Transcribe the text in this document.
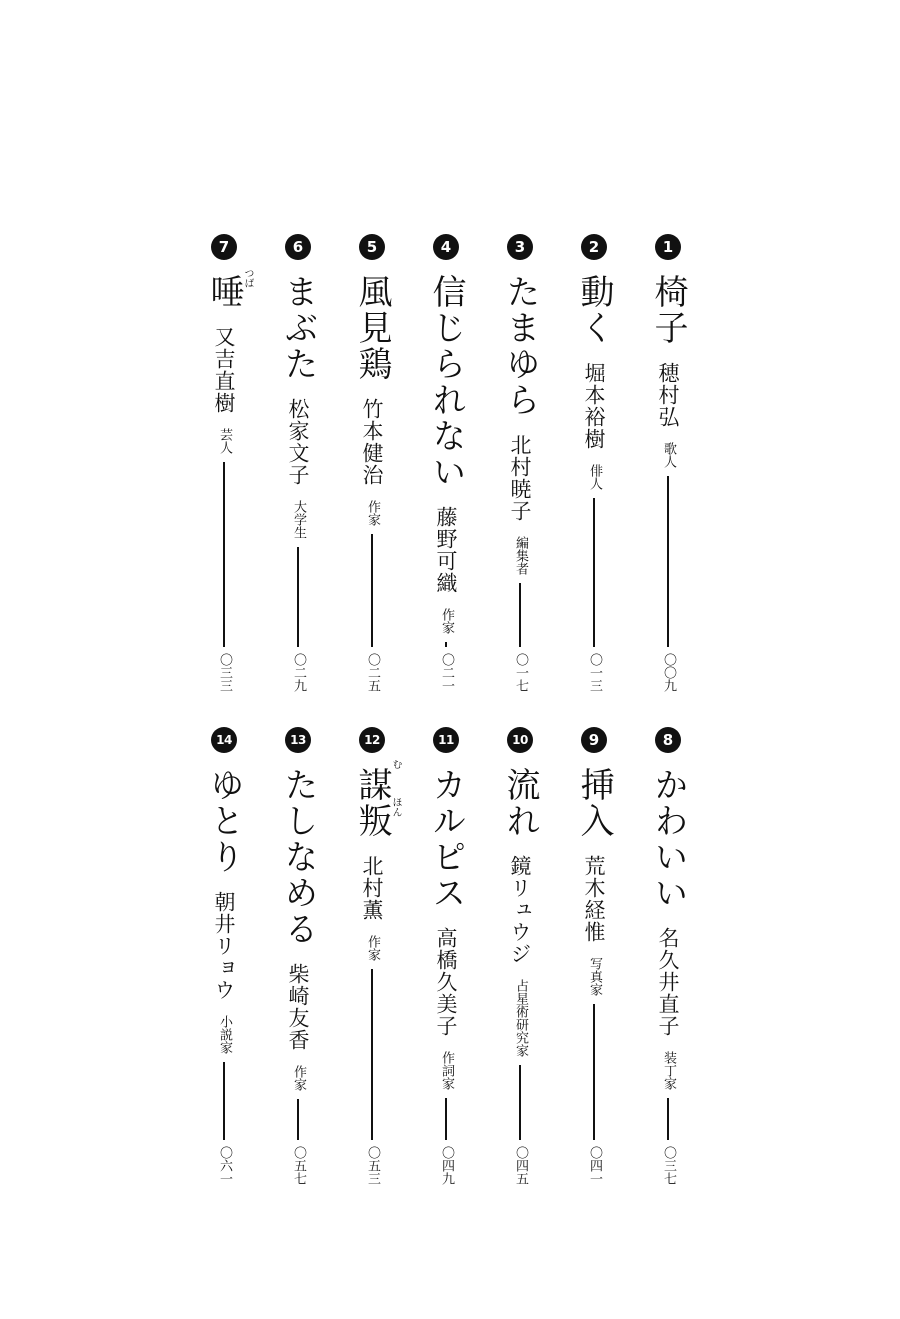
1
椅子
穂村弘
歌人
〇〇九
2
動く
堀本裕樹
俳人
〇一三
3
たまゆら
北村暁子
編集者
〇一七
4
信じられない
藤野可織
作家
〇二一
5
風見鶏
竹本健治
作家
〇二五
6
まぶた
松家文子
大学生
〇二九
7
唾
つば
又吉直樹
芸人
〇三三
8
かわいい
名久井直子
装丁家
〇三七
9
挿入
荒木経惟
写真家
〇四一
10
流れ
鏡リュウジ
占星術研究家
〇四五
11
カルピス
高橋久美子
作詞家
〇四九
12
謀叛
む
ほん
北村薫
作家
〇五三
13
たしなめる
柴崎友香
作家
〇五七
14
ゆとり
朝井リョウ
小説家
〇六一
